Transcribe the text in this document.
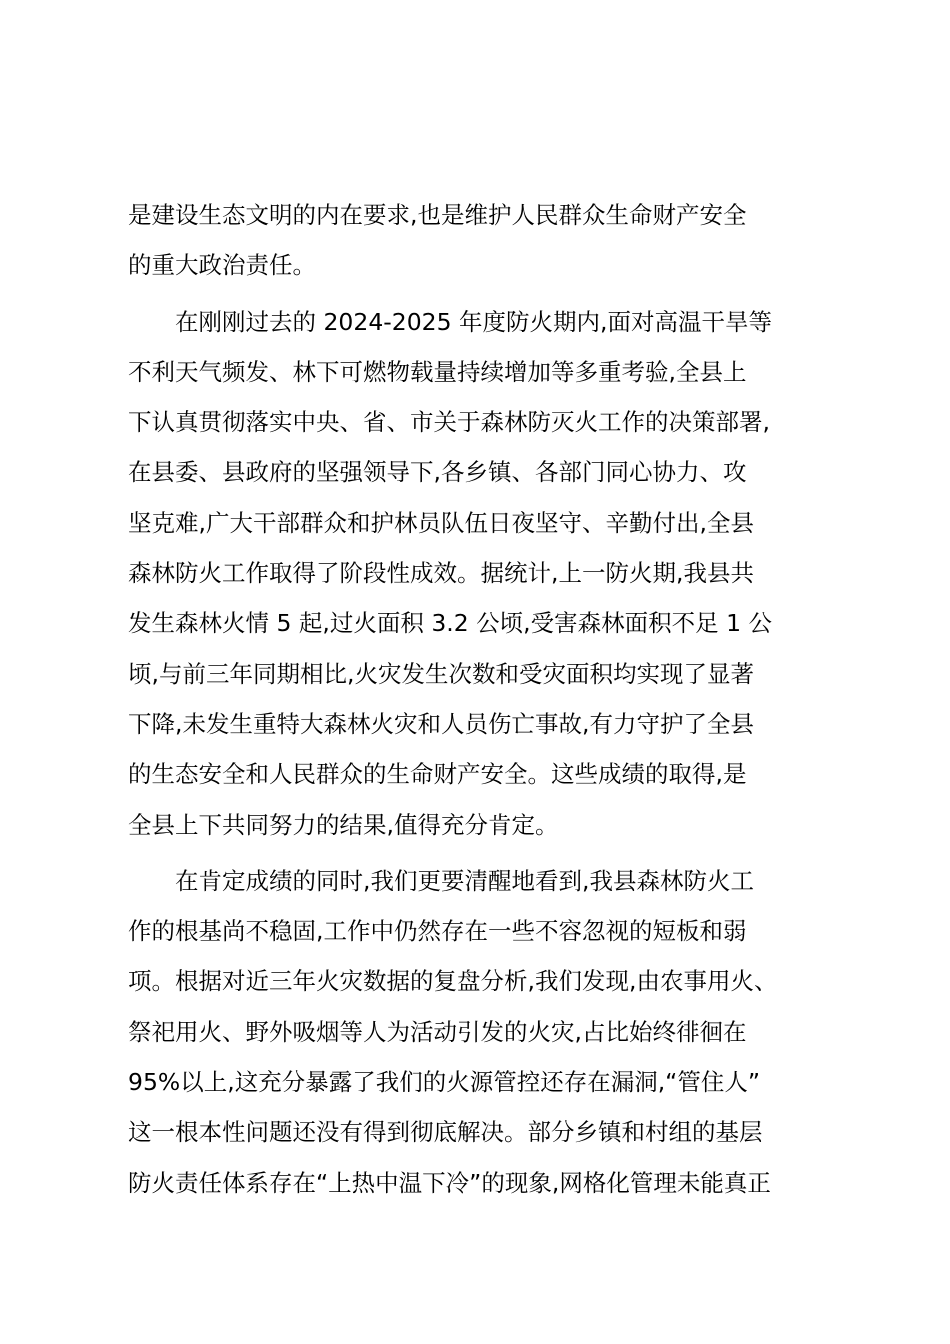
是建设生态文明的内在要求,也是维护人民群众生命财产安全
的重大政治责任。
　　在刚刚过去的 2024-2025 年度防火期内,面对高温干旱等
不利天气频发、林下可燃物载量持续增加等多重考验,全县上
下认真贯彻落实中央、省、市关于森林防灭火工作的决策部署,
在县委、县政府的坚强领导下,各乡镇、各部门同心协力、攻
坚克难,广大干部群众和护林员队伍日夜坚守、辛勤付出,全县
森林防火工作取得了阶段性成效。据统计,上一防火期,我县共
发生森林火情 5 起,过火面积 3.2 公顷,受害森林面积不足 1 公
顷,与前三年同期相比,火灾发生次数和受灾面积均实现了显著
下降,未发生重特大森林火灾和人员伤亡事故,有力守护了全县
的生态安全和人民群众的生命财产安全。这些成绩的取得,是
全县上下共同努力的结果,值得充分肯定。
　　在肯定成绩的同时,我们更要清醒地看到,我县森林防火工
作的根基尚不稳固,工作中仍然存在一些不容忽视的短板和弱
项。根据对近三年火灾数据的复盘分析,我们发现,由农事用火、
祭祀用火、野外吸烟等人为活动引发的火灾,占比始终徘徊在
95%以上,这充分暴露了我们的火源管控还存在漏洞,“管住人”
这一根本性问题还没有得到彻底解决。部分乡镇和村组的基层
防火责任体系存在“上热中温下冷”的现象,网格化管理未能真正
